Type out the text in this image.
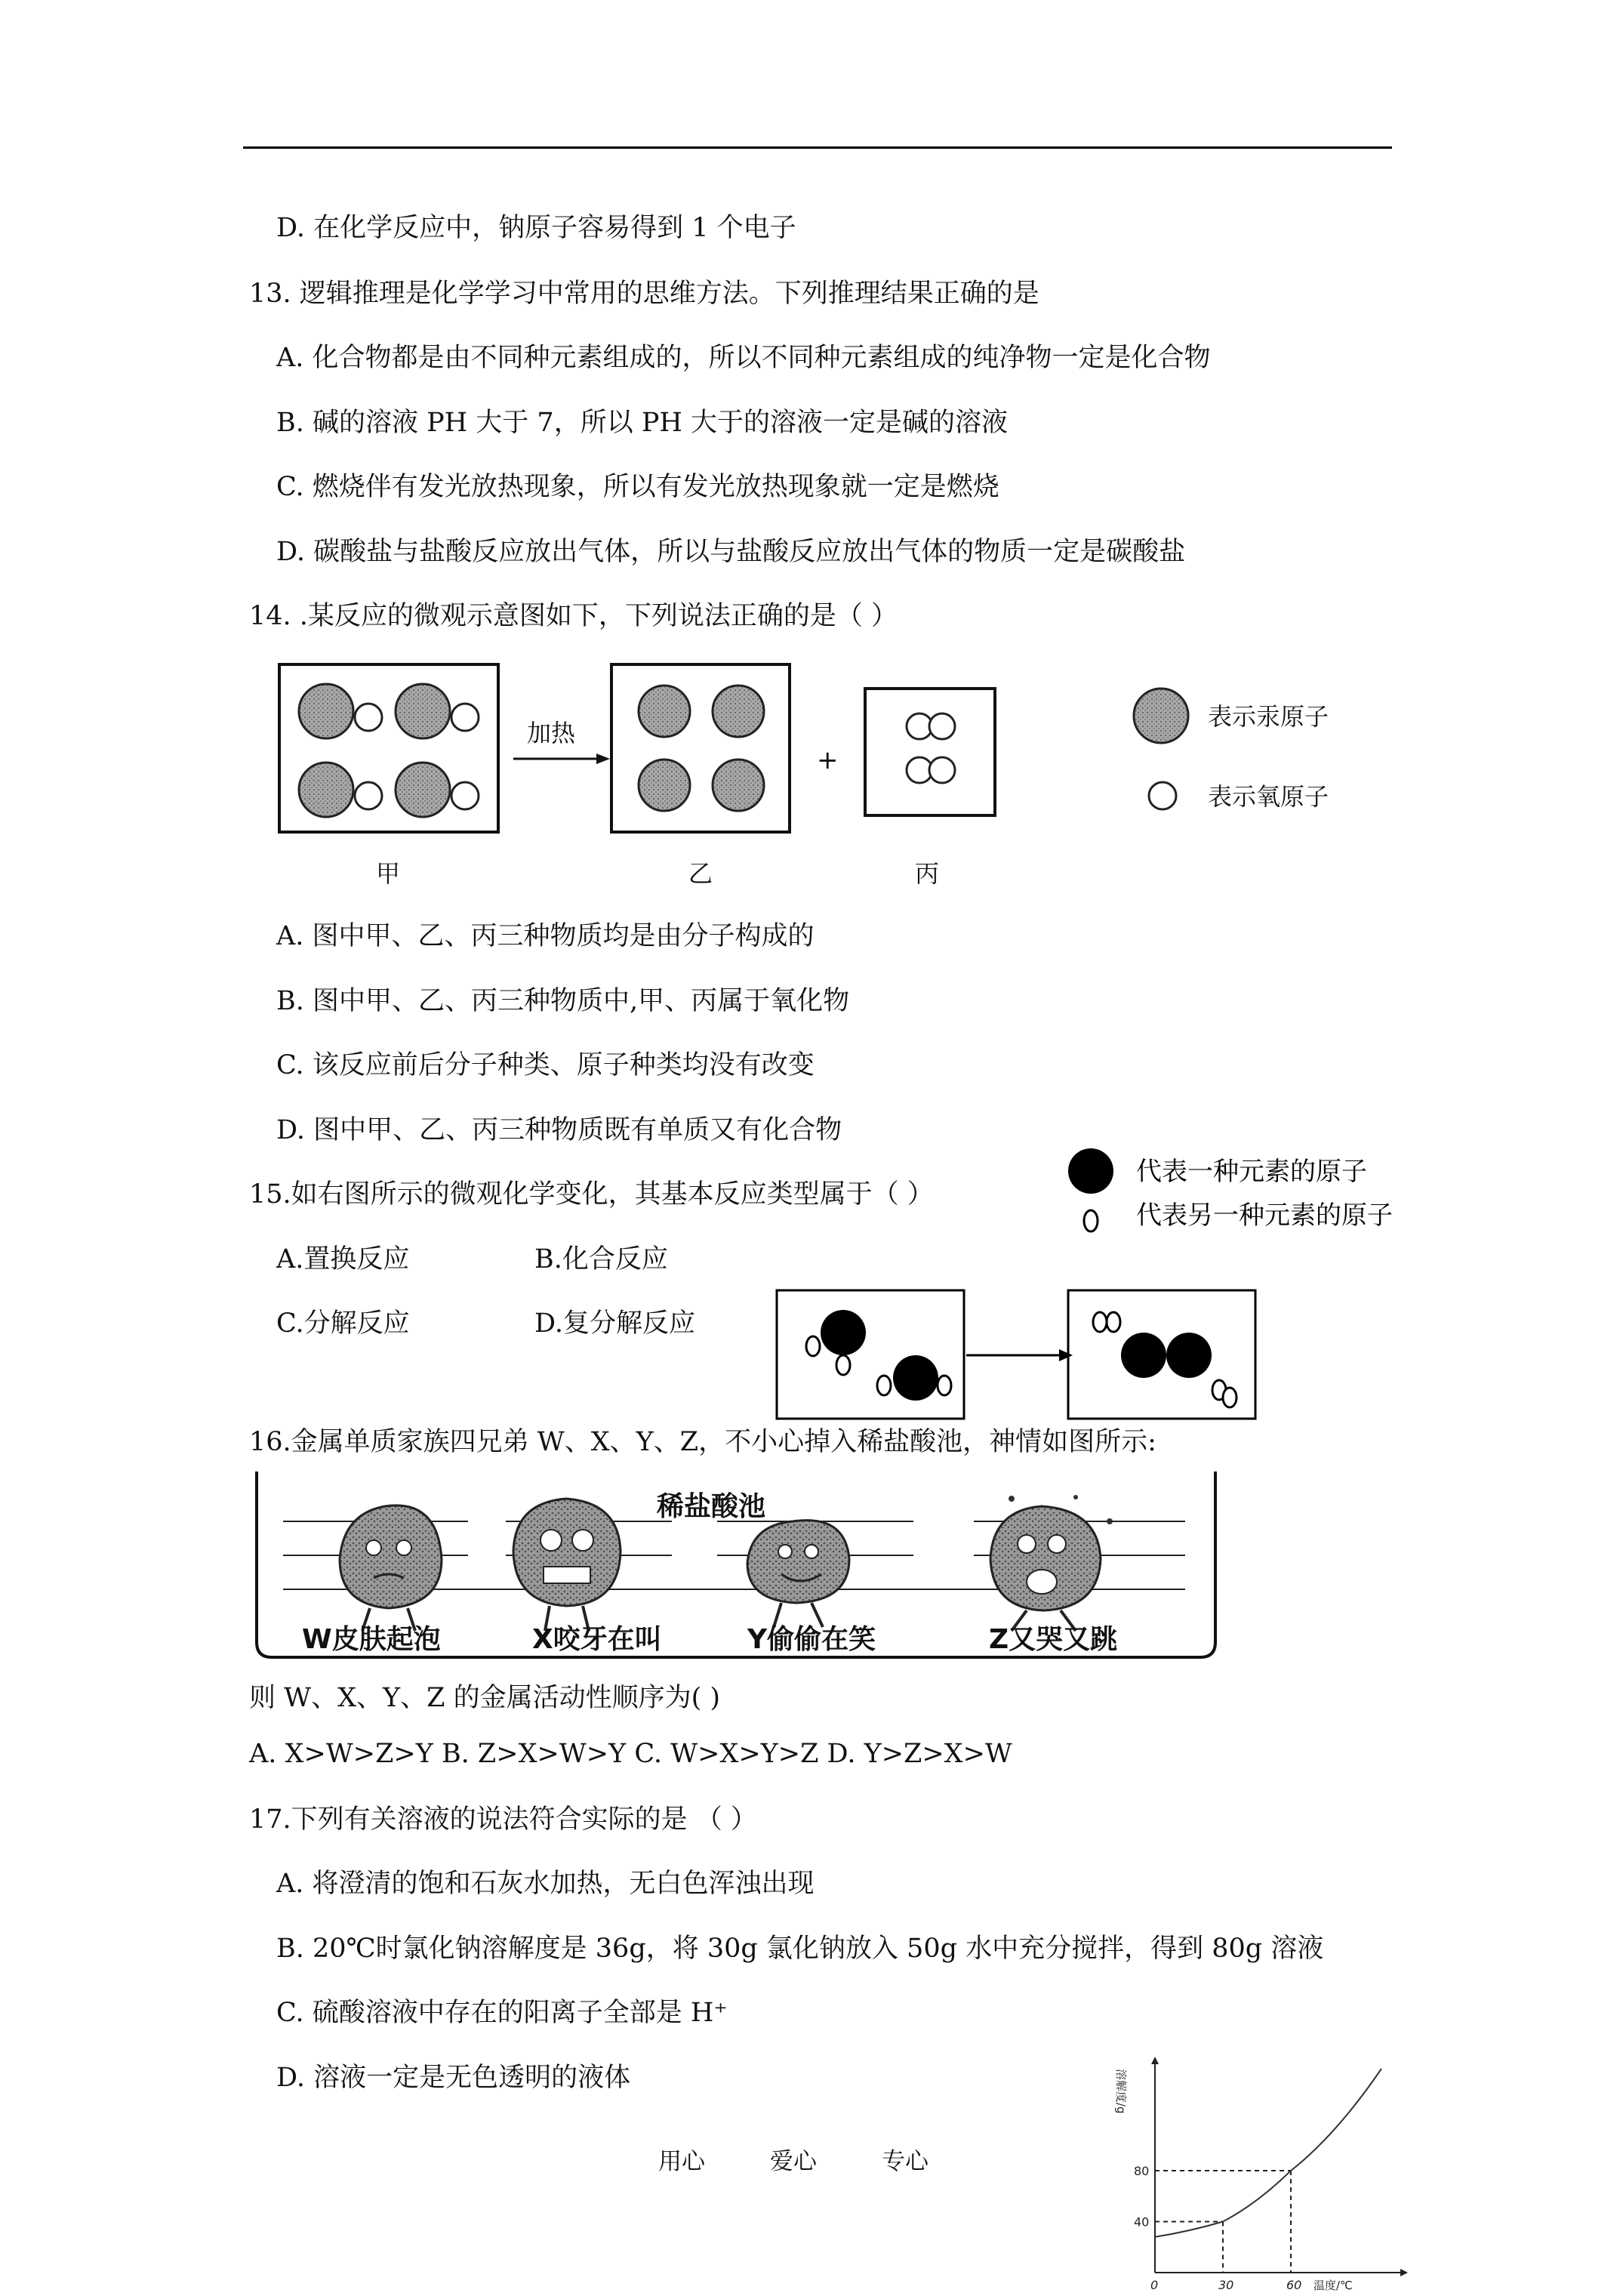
D. 在化学反应中，钠原子容易得到 1 个电子
13. 逻辑推理是化学学习中常用的思维方法。下列推理结果正确的是
A. 化合物都是由不同种元素组成的，所以不同种元素组成的纯净物一定是化合物
B. 碱的溶液 PH 大于 7，所以 PH 大于的溶液一定是碱的溶液
C. 燃烧伴有发光放热现象，所以有发光放热现象就一定是燃烧
D. 碳酸盐与盐酸反应放出气体，所以与盐酸反应放出气体的物质一定是碳酸盐
14. .某反应的微观示意图如下，下列说法正确的是（ ）
加热
+
表示汞原子
表示氧原子
甲	乙	丙
A. 图中甲、乙、丙三种物质均是由分子构成的
B. 图中甲、乙、丙三种物质中,甲、丙属于氧化物
C. 该反应前后分子种类、原子种类均没有改变
D. 图中甲、乙、丙三种物质既有单质又有化合物
15.如右图所示的微观化学变化，其基本反应类型属于（ ）
A.置换反应	B.化合反应
C.分解反应	D.复分解反应
代表一种元素的原子
代表另一种元素的原子
16.金属单质家族四兄弟 W、X、Y、Z，不小心掉入稀盐酸池，神情如图所示:
稀盐酸池
W皮肤起泡	X咬牙在叫	Y偷偷在笑	Z又哭又跳
则 W、X、Y、Z 的金属活动性顺序为( )
A. X>W>Z>Y B. Z>X>W>Y C. W>X>Y>Z D. Y>Z>X>W
17.下列有关溶液的说法符合实际的是 （ ）
A. 将澄清的饱和石灰水加热，无白色浑浊出现
B. 20℃时氯化钠溶解度是 36g，将 30g 氯化钠放入 50g 水中充分搅拌，得到 80g 溶液
C. 硫酸溶液中存在的阳离子全部是 H⁺
D. 溶液一定是无色透明的液体	溶解度/g
40
80
0	30	60 温度/℃
用心	爱心	专心
